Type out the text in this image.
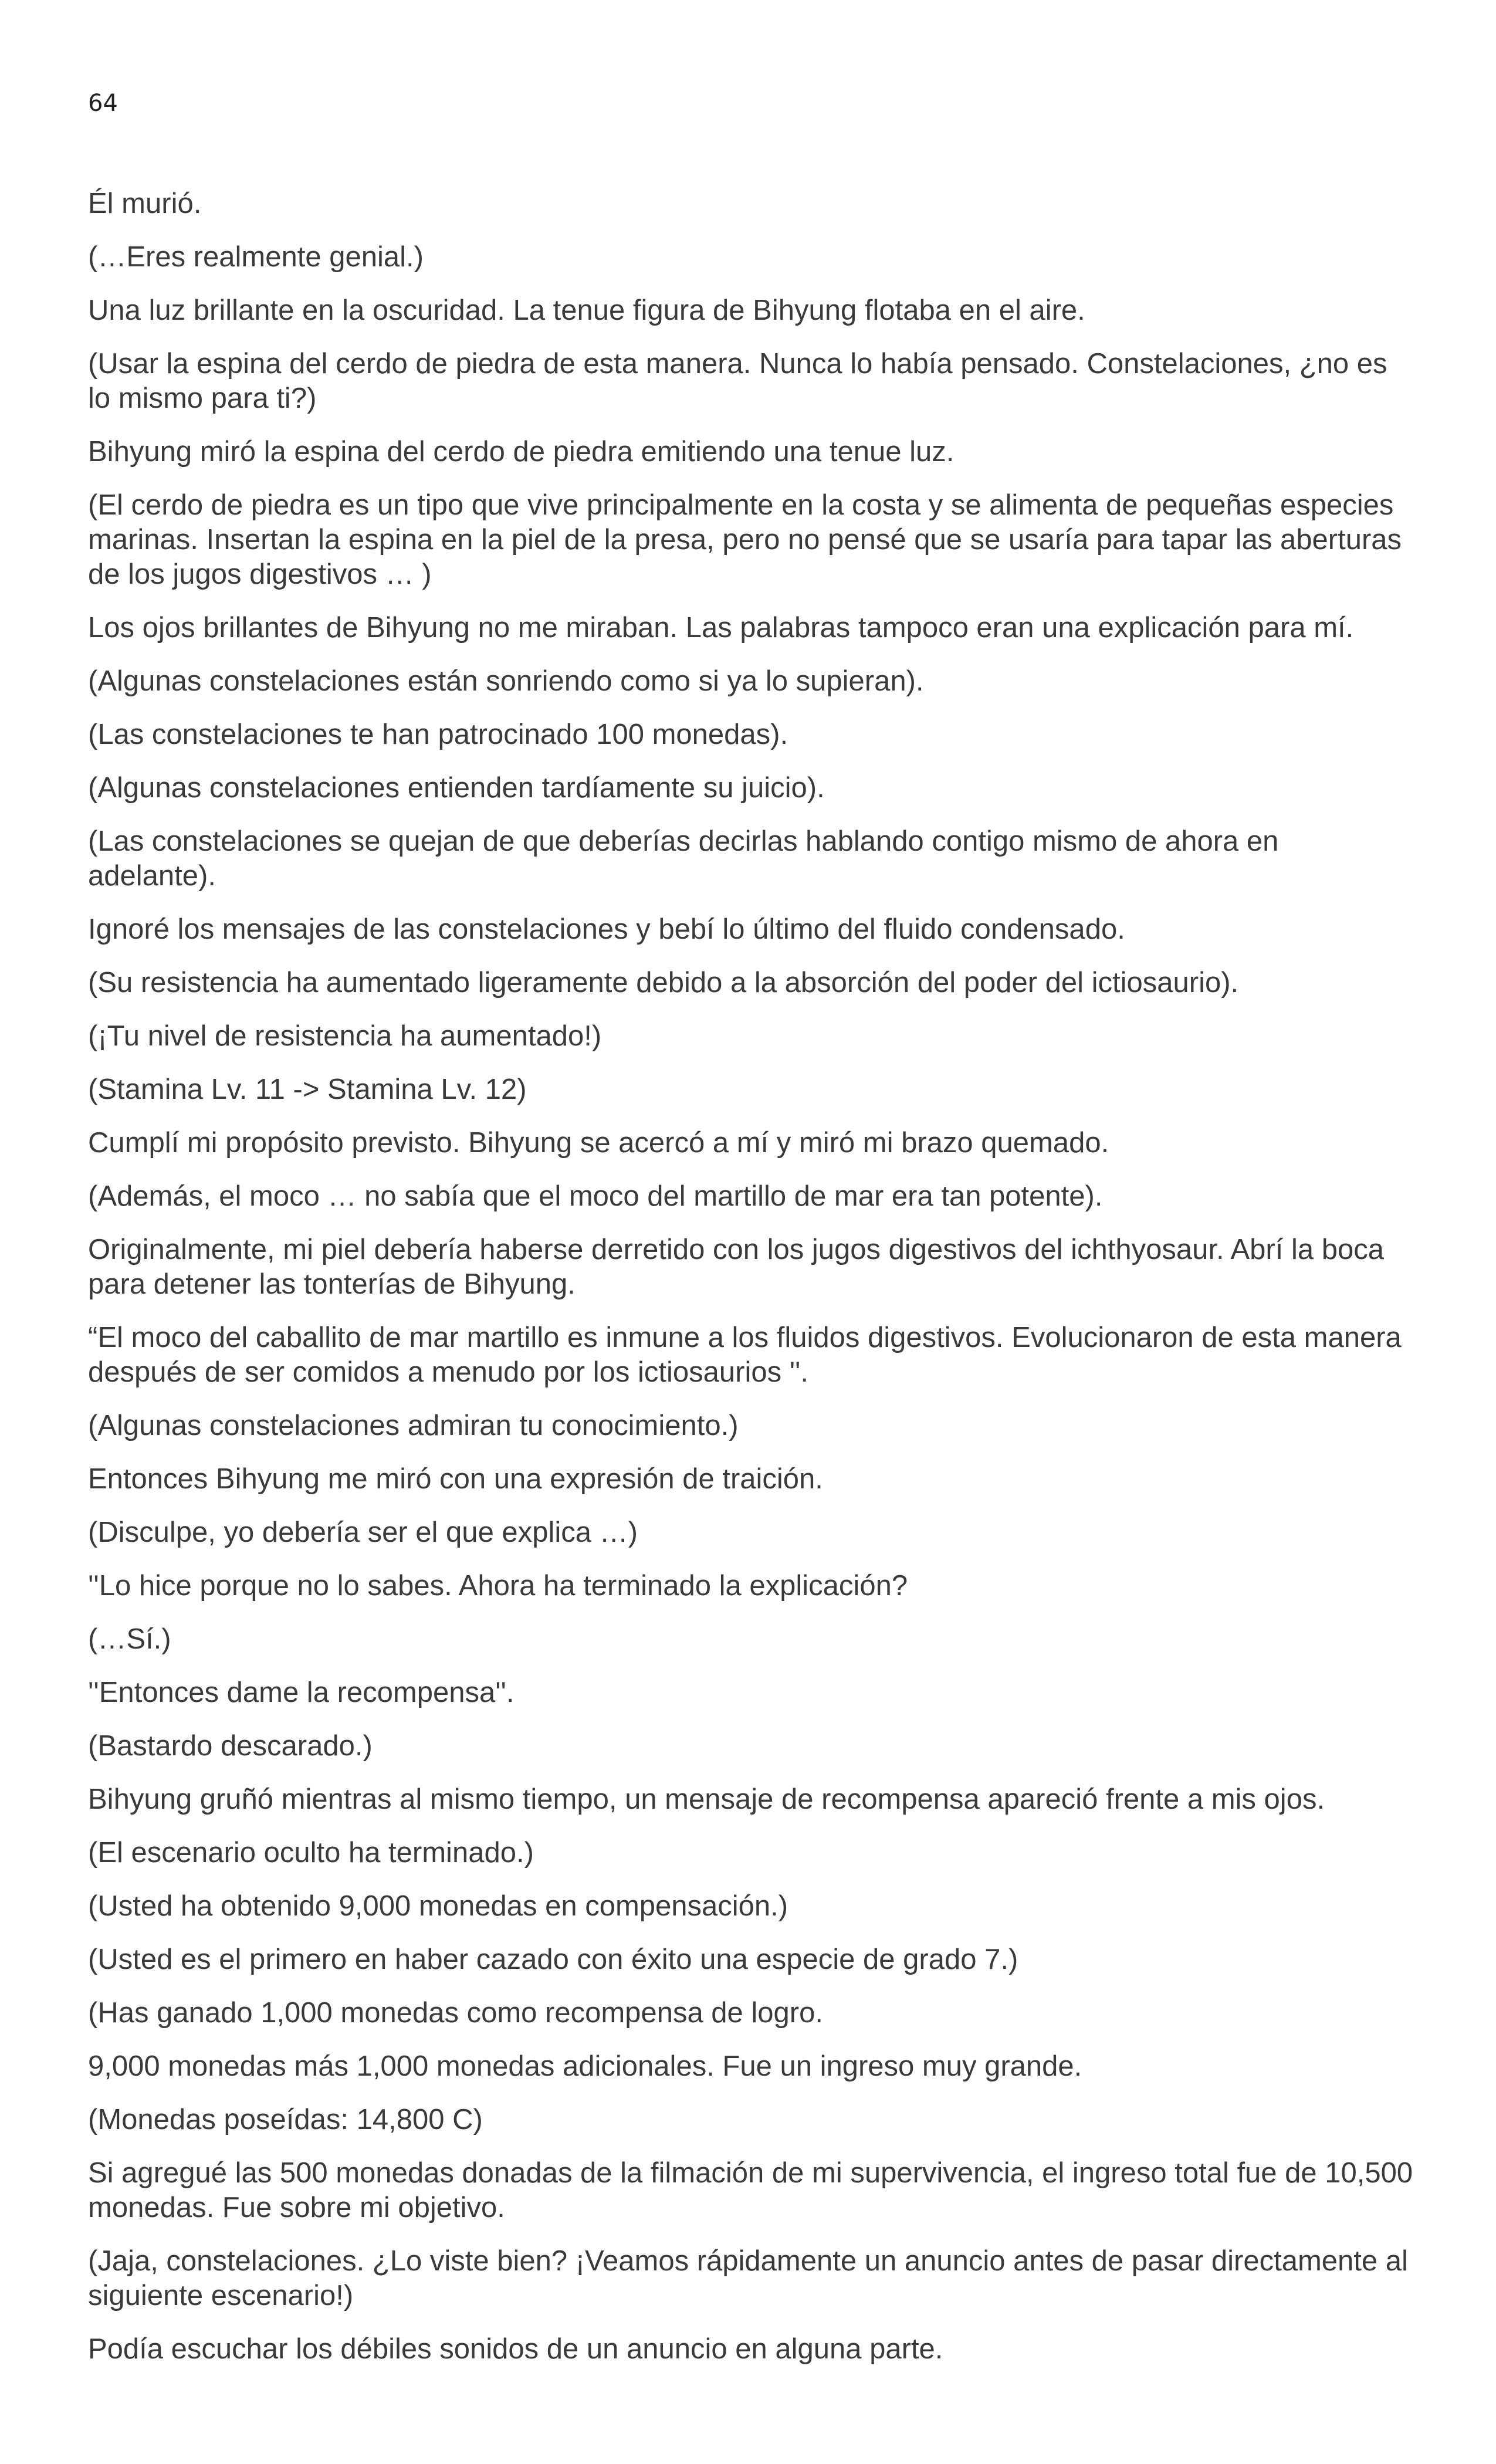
64

Él murió.

(…Eres realmente genial.)

Una luz brillante en la oscuridad. La tenue figura de Bihyung flotaba en el aire.

(Usar la espina del cerdo de piedra de esta manera. Nunca lo había pensado. Constelaciones, ¿no es lo mismo para ti?)

Bihyung miró la espina del cerdo de piedra emitiendo una tenue luz.

(El cerdo de piedra es un tipo que vive principalmente en la costa y se alimenta de pequeñas especies marinas. Insertan la espina en la piel de la presa, pero no pensé que se usaría para tapar las aberturas de los jugos digestivos … )

Los ojos brillantes de Bihyung no me miraban. Las palabras tampoco eran una explicación para mí.

(Algunas constelaciones están sonriendo como si ya lo supieran).

(Las constelaciones te han patrocinado 100 monedas).

(Algunas constelaciones entienden tardíamente su juicio).

(Las constelaciones se quejan de que deberías decirlas hablando contigo mismo de ahora en adelante).

Ignoré los mensajes de las constelaciones y bebí lo último del fluido condensado.

(Su resistencia ha aumentado ligeramente debido a la absorción del poder del ictiosaurio).

(¡Tu nivel de resistencia ha aumentado!)

(Stamina Lv. 11 -> Stamina Lv. 12)

Cumplí mi propósito previsto. Bihyung se acercó a mí y miró mi brazo quemado.

(Además, el moco … no sabía que el moco del martillo de mar era tan potente).

Originalmente, mi piel debería haberse derretido con los jugos digestivos del ichthyosaur. Abrí la boca para detener las tonterías de Bihyung.

“El moco del caballito de mar martillo es inmune a los fluidos digestivos. Evolucionaron de esta manera después de ser comidos a menudo por los ictiosaurios ''.

(Algunas constelaciones admiran tu conocimiento.)

Entonces Bihyung me miró con una expresión de traición.

(Disculpe, yo debería ser el que explica …)

''Lo hice porque no lo sabes. Ahora ha terminado la explicación?

(…Sí.)

''Entonces dame la recompensa''.

(Bastardo descarado.)

Bihyung gruñó mientras al mismo tiempo, un mensaje de recompensa apareció frente a mis ojos.

(El escenario oculto ha terminado.)

(Usted ha obtenido 9,000 monedas en compensación.)

(Usted es el primero en haber cazado con éxito una especie de grado 7.)

(Has ganado 1,000 monedas como recompensa de logro.

9,000 monedas más 1,000 monedas adicionales. Fue un ingreso muy grande.

(Monedas poseídas: 14,800 C)

Si agregué las 500 monedas donadas de la filmación de mi supervivencia, el ingreso total fue de 10,500 monedas. Fue sobre mi objetivo.

(Jaja, constelaciones. ¿Lo viste bien? ¡Veamos rápidamente un anuncio antes de pasar directamente al siguiente escenario!)

Podía escuchar los débiles sonidos de un anuncio en alguna parte.
